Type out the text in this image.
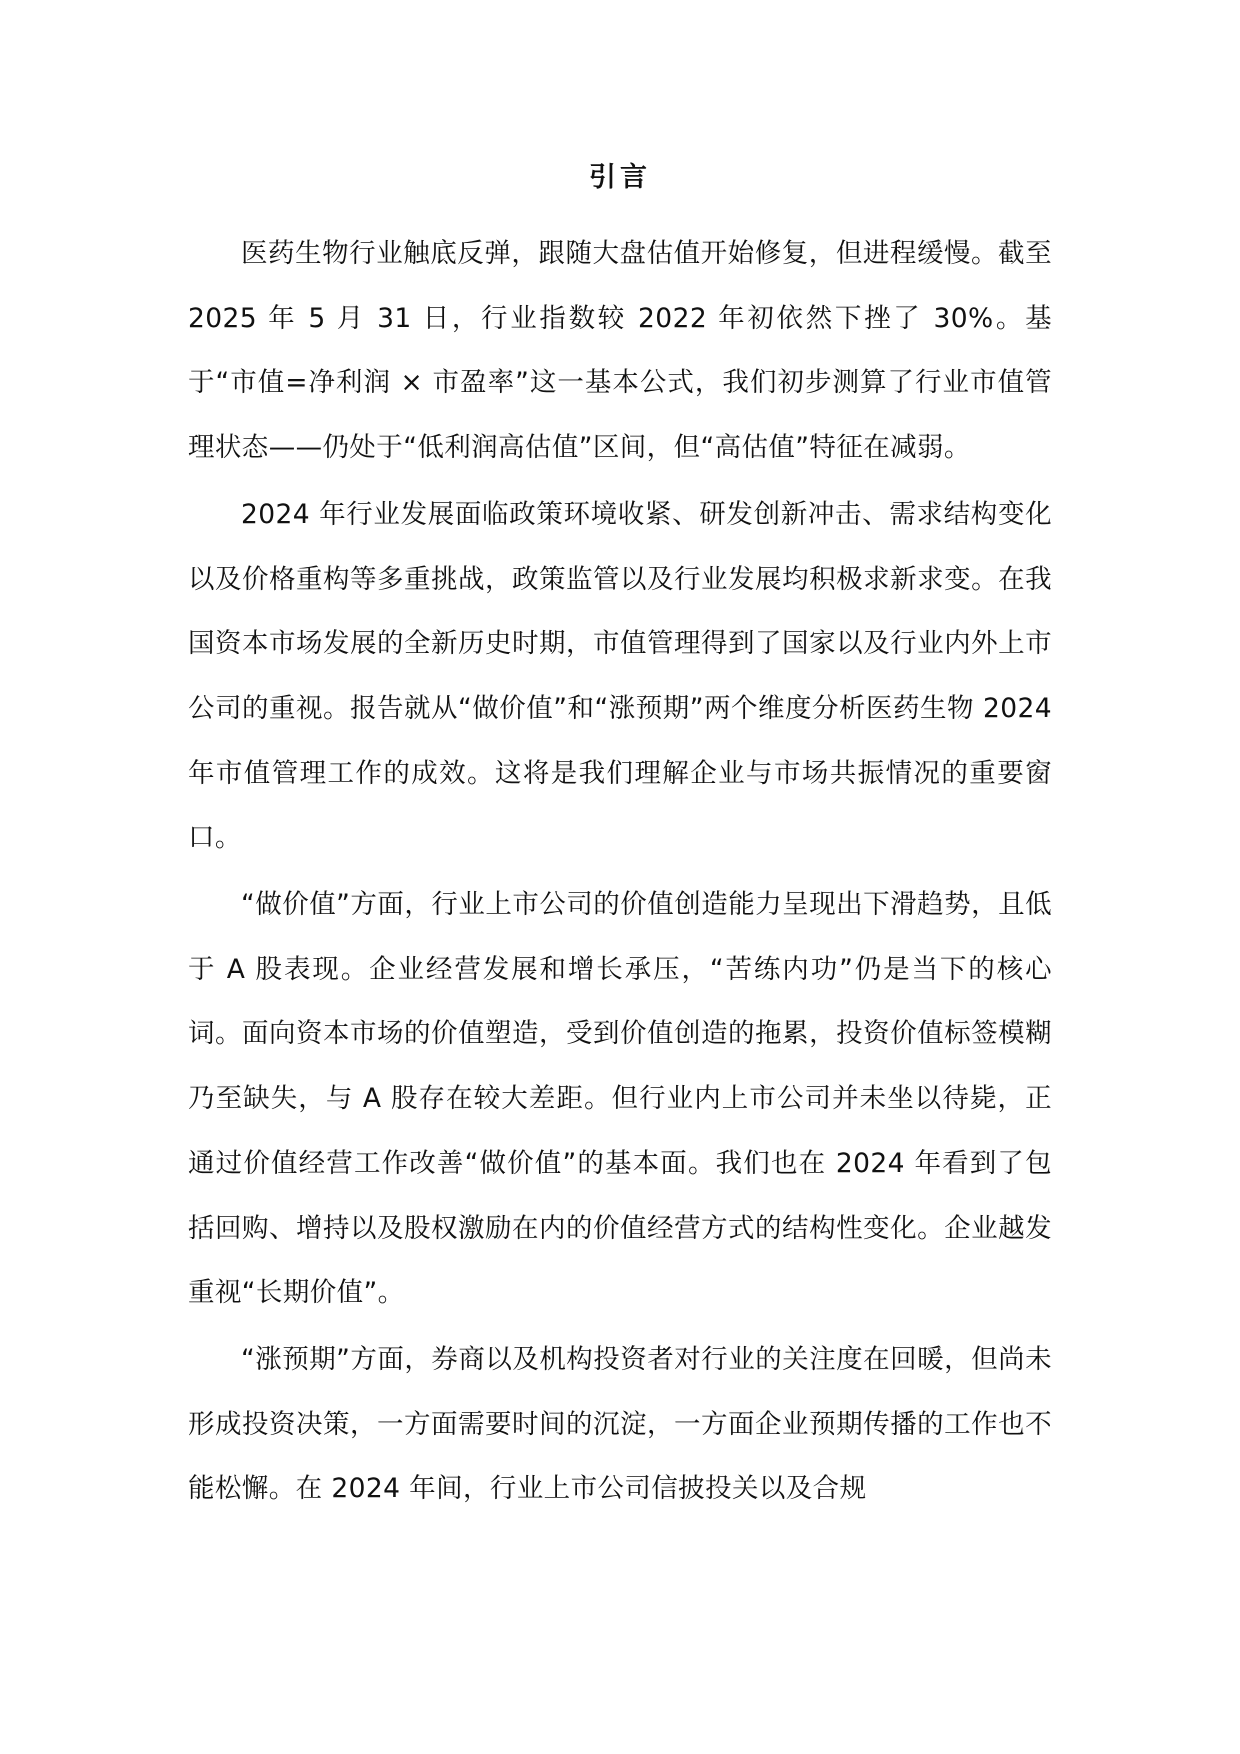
引言

医药生物行业触底反弹，跟随大盘估值开始修复，但进程缓慢。截至 2025 年 5 月 31 日，行业指数较 2022 年初依然下挫了 30%。基于“市值=净利润 × 市盈率”这一基本公式，我们初步测算了行业市值管理状态——仍处于“低利润高估值”区间，但“高估值”特征在减弱。

2024 年行业发展面临政策环境收紧、研发创新冲击、需求结构变化以及价格重构等多重挑战，政策监管以及行业发展均积极求新求变。在我国资本市场发展的全新历史时期，市值管理得到了国家以及行业内外上市公司的重视。报告就从“做价值”和“涨预期”两个维度分析医药生物 2024 年市值管理工作的成效。这将是我们理解企业与市场共振情况的重要窗口。

“做价值”方面，行业上市公司的价值创造能力呈现出下滑趋势，且低于 A 股表现。企业经营发展和增长承压，“苦练内功”仍是当下的核心词。面向资本市场的价值塑造，受到价值创造的拖累，投资价值标签模糊乃至缺失，与 A 股存在较大差距。但行业内上市公司并未坐以待毙，正通过价值经营工作改善“做价值”的基本面。我们也在 2024 年看到了包括回购、增持以及股权激励在内的价值经营方式的结构性变化。企业越发重视“长期价值”。

“涨预期”方面，券商以及机构投资者对行业的关注度在回暖，但尚未形成投资决策，一方面需要时间的沉淀，一方面企业预期传播的工作也不能松懈。在 2024 年间，行业上市公司信披投关以及合规
